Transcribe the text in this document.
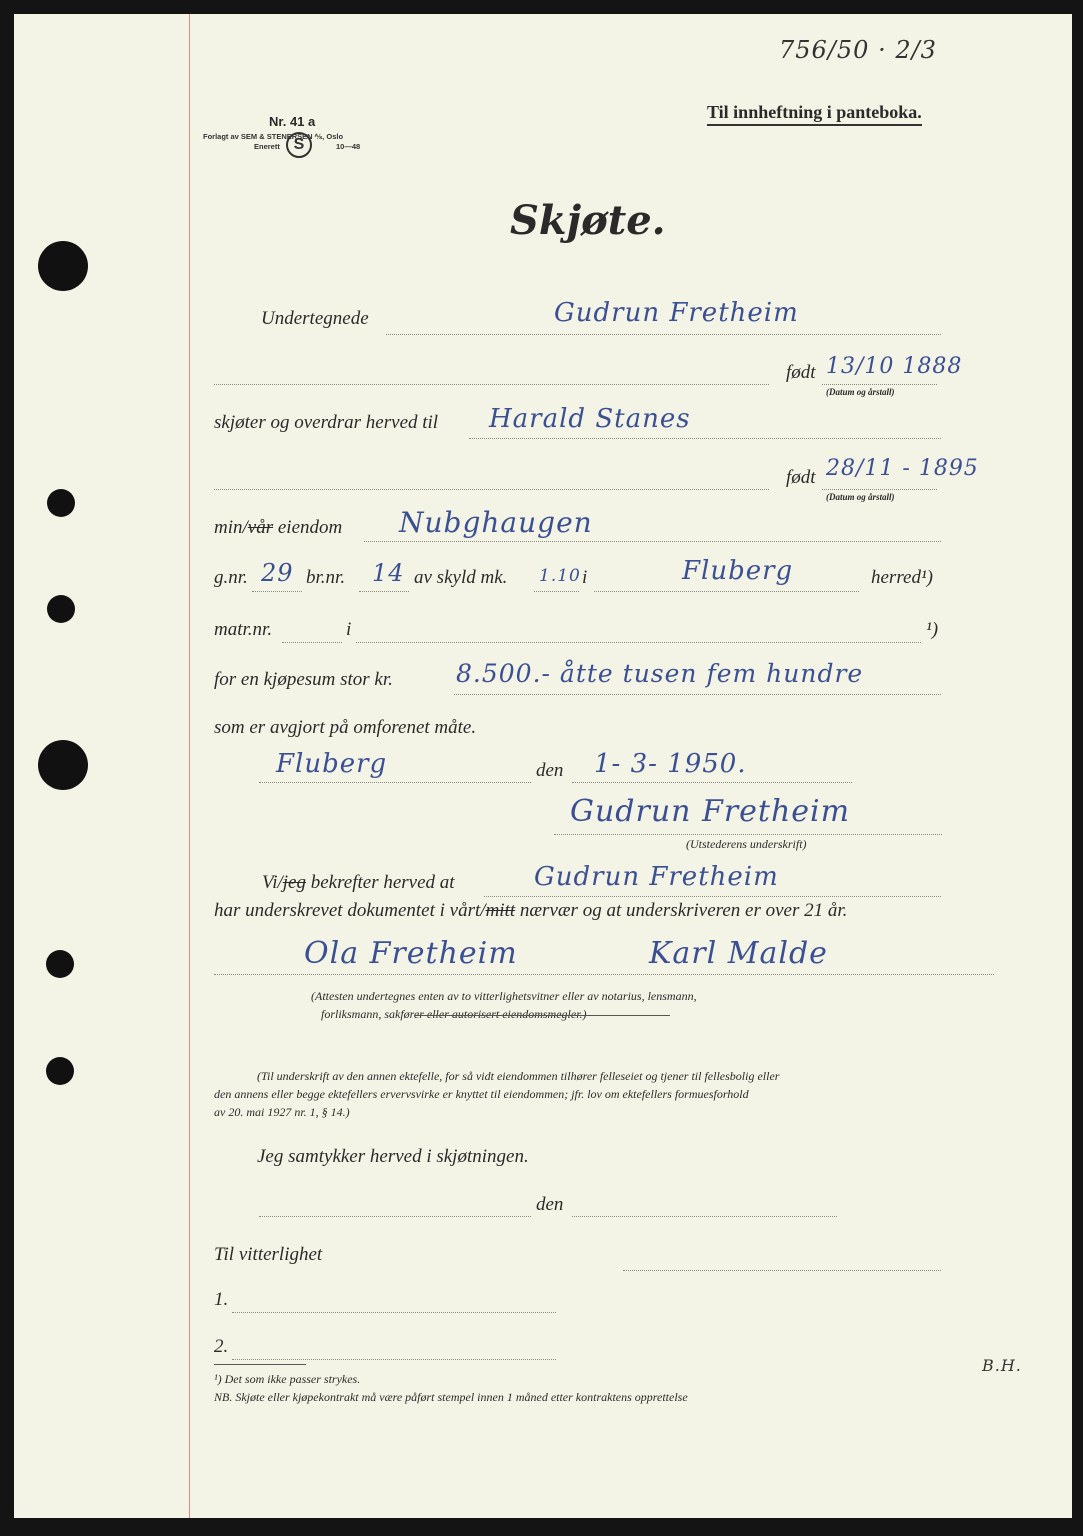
Nr. 41 a
Forlagt av SEM & STENERSEN ⅍, Oslo
Enerett S	10—48
756/50 · 2/3
Til innheftning i panteboka.
Skjøte.
Undertegnede	Gudrun Fretheim
født 13/10 1888
(Datum og årstall)
skjøter og overdrar herved til Harald Stanes
født 28/11 - 1895
(Datum og årstall)
min/vår eiendom Nubghaugen
g.nr. 29 br.nr. 14 av skyld mk. 1.10 i	Fluberg	herred¹)
matr.nr.	i	¹)
for en kjøpesum stor kr.	8.500.- åtte tusen fem hundre
som er avgjort på omforenet måte.
Fluberg	den 1- 3- 1950.
Gudrun Fretheim
(Utstederens underskrift)
Vi/jeg bekrefter herved at	Gudrun Fretheim
har underskrevet dokumentet i vårt/mitt nærvær og at underskriveren er over 21 år.
Ola Fretheim	Karl Malde
(Attesten undertegnes enten av to vitterlighetsvitner eller av notarius, lensmann,
forliksmann, sakfører eller autorisert eiendomsmegler.)
(Til underskrift av den annen ektefelle, for så vidt eiendommen tilhører felleseiet og tjener til fellesbolig eller
den annens eller begge ektefellers ervervsvirke er knyttet til eiendommen; jfr. lov om ektefellers formuesforhold
av 20. mai 1927 nr. 1, § 14.)
Jeg samtykker herved i skjøtningen.
den
Til vitterlighet
1.
2.
B.H.
¹) Det som ikke passer strykes.
NB. Skjøte eller kjøpekontrakt må være påført stempel innen 1 måned etter kontraktens opprettelse
